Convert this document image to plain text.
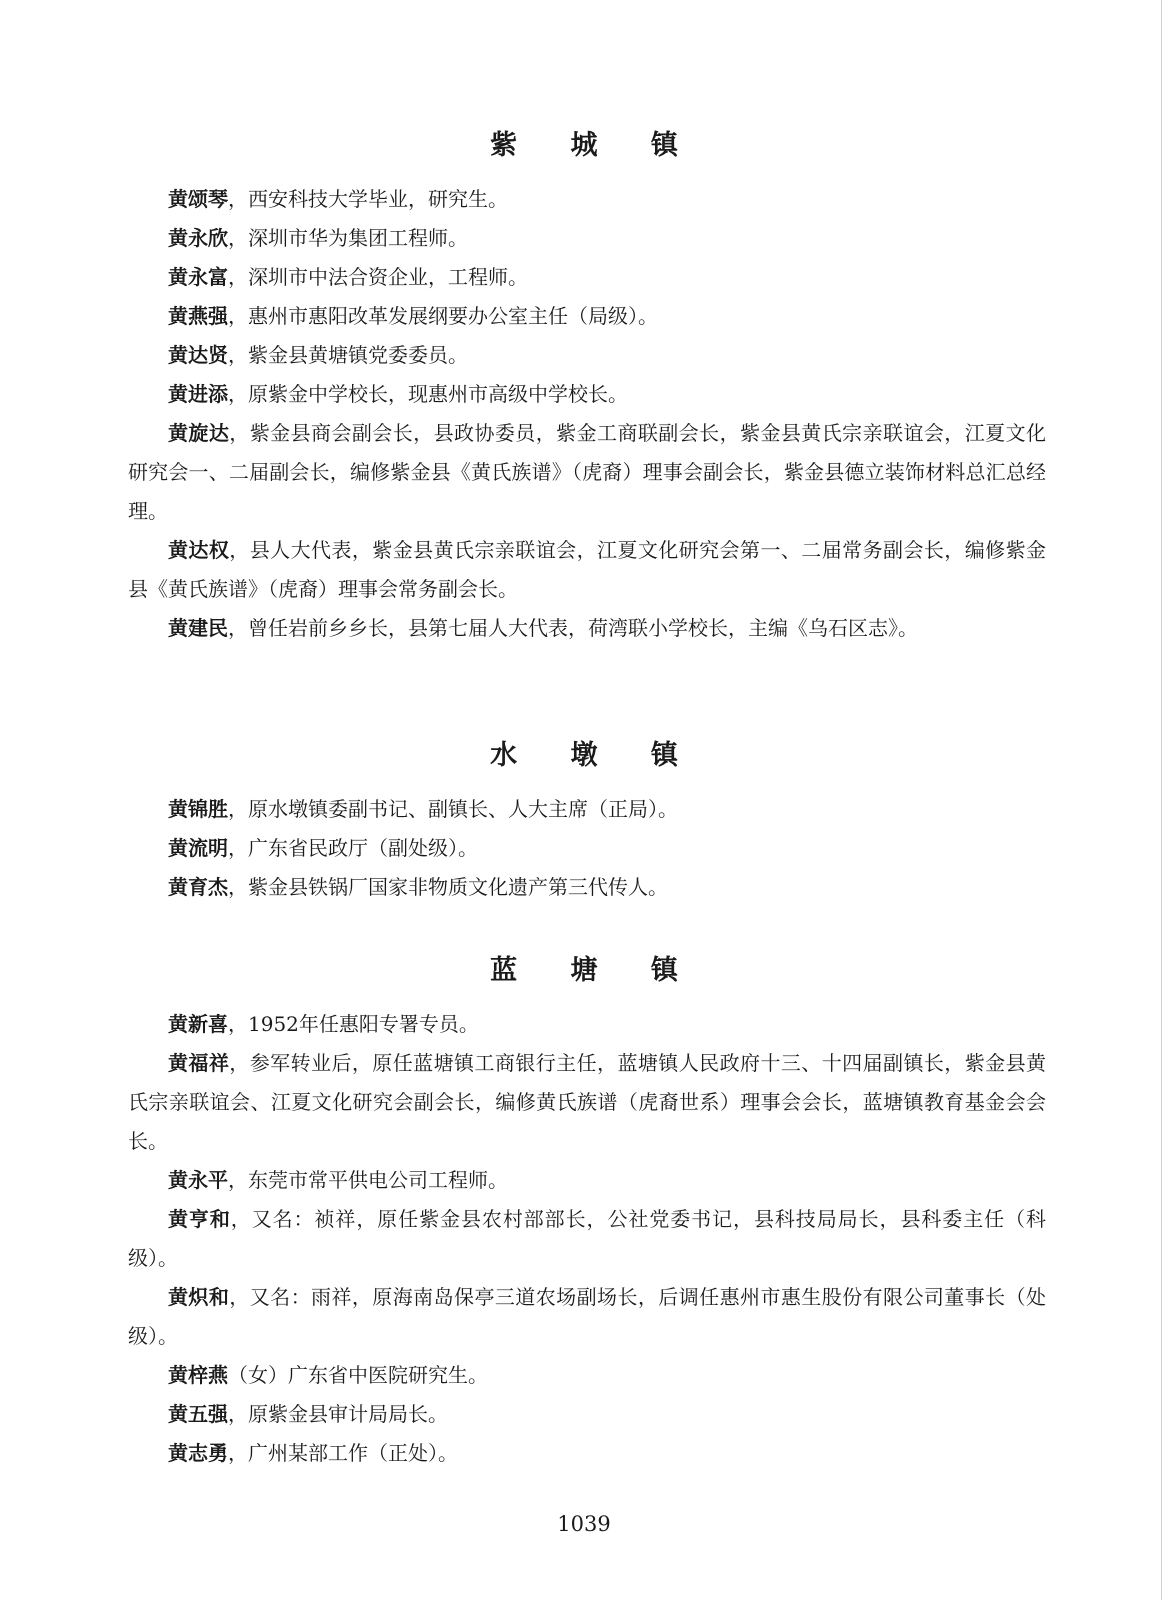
紫 城 镇

黄颂琴，西安科技大学毕业，研究生。

黄永欣，深圳市华为集团工程师。

黄永富，深圳市中法合资企业，工程师。

黄燕强，惠州市惠阳改革发展纲要办公室主任（局级）。

黄达贤，紫金县黄塘镇党委委员。

黄进添，原紫金中学校长，现惠州市高级中学校长。

黄旋达，紫金县商会副会长，县政协委员，紫金工商联副会长，紫金县黄氏宗亲联谊会，江夏文化研究会一、二届副会长，编修紫金县《黄氏族谱》（虎裔）理事会副会长，紫金县德立装饰材料总汇总经理。

黄达权，县人大代表，紫金县黄氏宗亲联谊会，江夏文化研究会第一、二届常务副会长，编修紫金县《黄氏族谱》（虎裔）理事会常务副会长。

黄建民，曾任岩前乡乡长，县第七届人大代表，荷湾联小学校长，主编《乌石区志》。

水 墩 镇

黄锦胜，原水墩镇委副书记、副镇长、人大主席（正局）。

黄流明，广东省民政厅（副处级）。

黄育杰，紫金县铁锅厂国家非物质文化遗产第三代传人。

蓝 塘 镇

黄新喜，1952年任惠阳专署专员。

黄福祥，参军转业后，原任蓝塘镇工商银行主任，蓝塘镇人民政府十三、十四届副镇长，紫金县黄氏宗亲联谊会、江夏文化研究会副会长，编修黄氏族谱（虎裔世系）理事会会长，蓝塘镇教育基金会会长。

黄永平，东莞市常平供电公司工程师。

黄亨和，又名：祯祥，原任紫金县农村部部长，公社党委书记，县科技局局长，县科委主任（科级）。

黄炽和，又名：雨祥，原海南岛保亭三道农场副场长，后调任惠州市惠生股份有限公司董事长（处级）。

黄梓燕（女）广东省中医院研究生。

黄五强，原紫金县审计局局长。

黄志勇，广州某部工作（正处）。

1039
